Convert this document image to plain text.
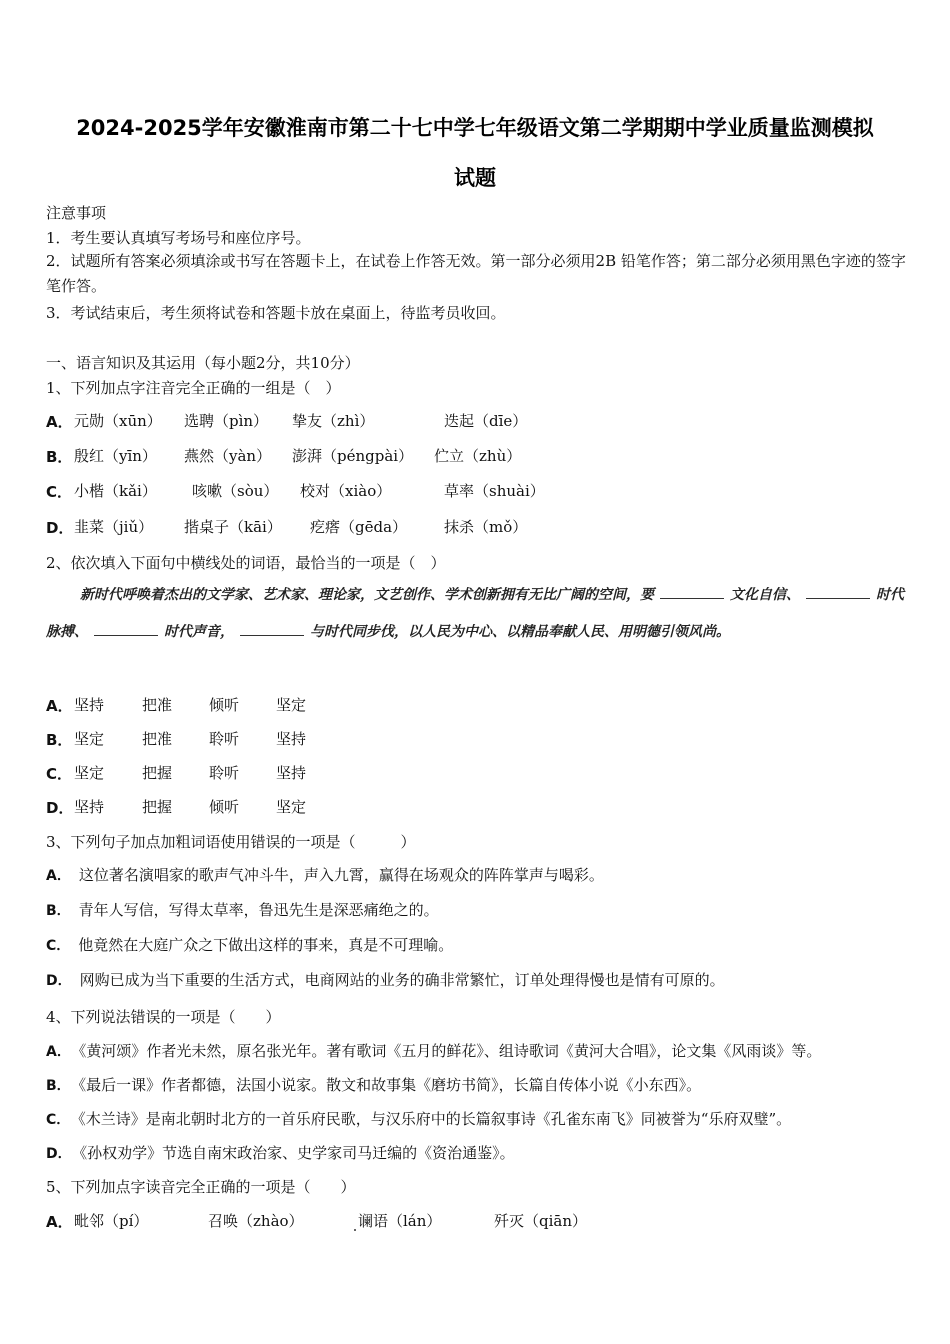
2024-2025学年安徽淮南市第二十七中学七年级语文第二学期期中学业质量监测模拟
试题
注意事项
1．考生要认真填写考场号和座位序号。
2．试题所有答案必须填涂或书写在答题卡上，在试卷上作答无效。第一部分必须用2B 铅笔作答；第二部分必须用黑色字迹的签字笔作答。
3．考试结束后，考生须将试卷和答题卡放在桌面上，待监考员收回。
一、语言知识及其运用（每小题2分，共10分）
1、下列加点字注音完全正确的一组是（　）
A． 元勋（xūn） 选聘（pìn） 挚友（zhì）	迭起（dīe）
B． 殷红（yīn） 燕然（yàn） 澎湃（péngpài） 伫立（zhù）
C． 小楷（kǎi） 咳嗽（sòu） 校对（xiào）	草率（shuài）
D． 韭菜（jiǔ） 揩桌子（kāi） 疙瘩（gēda） 抹杀（mǒ）
2、依次填入下面句中横线处的词语，最恰当的一项是（　）
新时代呼唤着杰出的文学家、艺术家、理论家，文艺创作、学术创新拥有无比广阔的空间，要	文化自信、	时代脉搏、	时代声音，	与时代同步伐，以人民为中心、以精品奉献人民、用明德引领风尚。
A． 坚持	把准 倾听 坚定
B． 坚定	把准 聆听 坚持
C． 坚定	把握 聆听 坚持
D． 坚持	把握 倾听 坚定
3、下列句子加点加粗词语使用错误的一项是（　　　）
A． 这位著名演唱家的歌声气冲斗牛，声入九霄，赢得在场观众的阵阵掌声与喝彩。
B． 青年人写信，写得太草率，鲁迅先生是深恶痛绝之的。
C． 他竟然在大庭广众之下做出这样的事来，真是不可理喻。
D． 网购已成为当下重要的生活方式，电商网站的业务的确非常繁忙，订单处理得慢也是情有可原的。
4、下列说法错误的一项是（　　）
A． 《黄河颂》作者光未然，原名张光年。著有歌词《五月的鲜花》、组诗歌词《黄河大合唱》，论文集《风雨谈》等。
B． 《最后一课》作者都德，法国小说家。散文和故事集《磨坊书简》，长篇自传体小说《小东西》。
C． 《木兰诗》是南北朝时北方的一首乐府民歌，与汉乐府中的长篇叙事诗《孔雀东南飞》同被誉为“乐府双璧”。
D． 《孙权劝学》节选自南宋政治家、史学家司马迁编的《资治通鉴》。
5、下列加点字读音完全正确的一项是（　　）
A． 毗邻（pí）	召唤（zhào）	谰语（lán）	歼灭（qiān）
